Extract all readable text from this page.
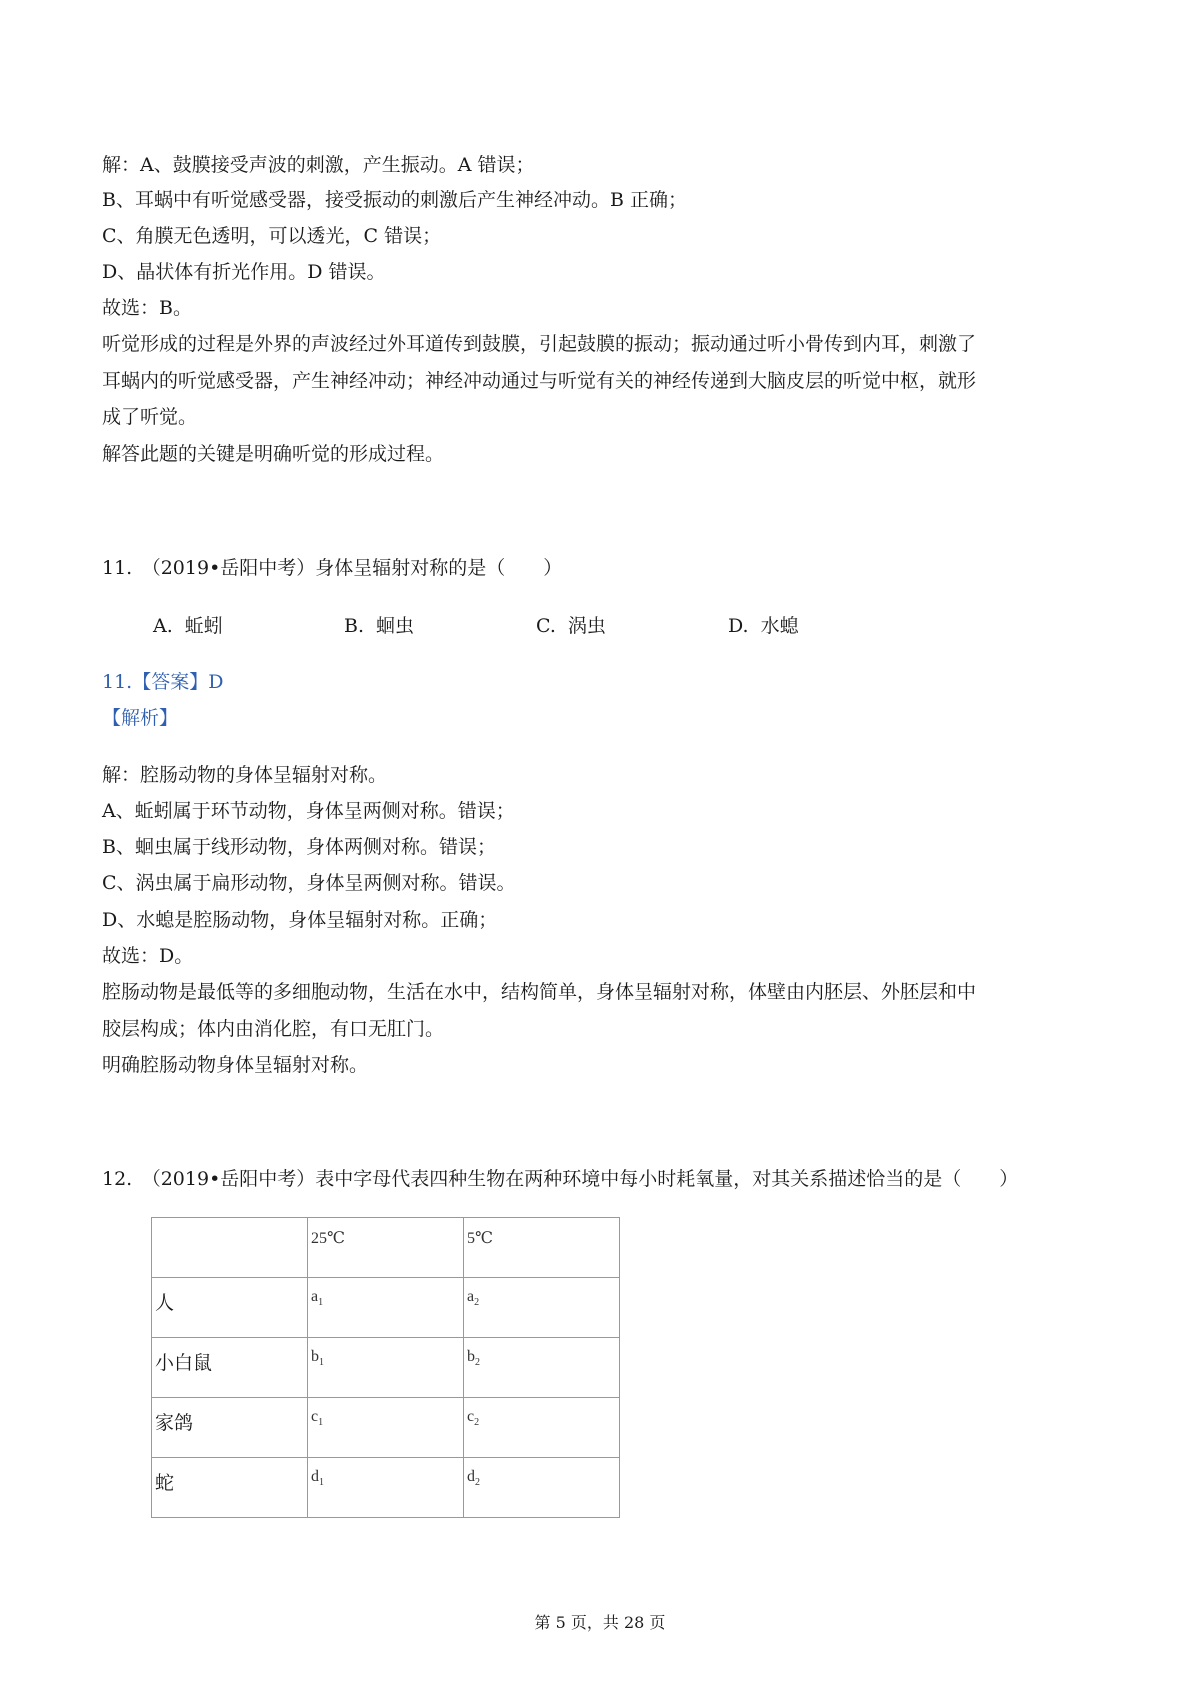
解：A、鼓膜接受声波的刺激，产生振动。A 错误；
B、耳蜗中有听觉感受器，接受振动的刺激后产生神经冲动。B 正确；
C、角膜无色透明，可以透光，C 错误；
D、晶状体有折光作用。D 错误。
故选：B。
听觉形成的过程是外界的声波经过外耳道传到鼓膜，引起鼓膜的振动；振动通过听小骨传到内耳，刺激了
耳蜗内的听觉感受器，产生神经冲动；神经冲动通过与听觉有关的神经传递到大脑皮层的听觉中枢，就形
成了听觉。
解答此题的关键是明确听觉的形成过程。
11.　（2019•岳阳中考）身体呈辐射对称的是（　　）
A. 蚯蚓	B. 蛔虫	C. 涡虫	D. 水螅
11.【答案】D
【解析】
解：腔肠动物的身体呈辐射对称。
A、蚯蚓属于环节动物，身体呈两侧对称。错误；
B、蛔虫属于线形动物，身体两侧对称。错误；
C、涡虫属于扁形动物，身体呈两侧对称。错误。
D、水螅是腔肠动物，身体呈辐射对称。正确；
故选：D。
腔肠动物是最低等的多细胞动物，生活在水中，结构简单，身体呈辐射对称，体壁由内胚层、外胚层和中
胶层构成；体内由消化腔，有口无肛门。
明确腔肠动物身体呈辐射对称。
12.　（2019•岳阳中考）表中字母代表四种生物在两种环境中每小时耗氧量，对其关系描述恰当的是（　　）
	25℃	5℃
人	$a_1$	$a_2$
小白鼠	$b_1$	$b_2$
家鸽	$c_1$	$c_2$
蛇	$d_1$	$d_2$
第 5 页，共 28 页
